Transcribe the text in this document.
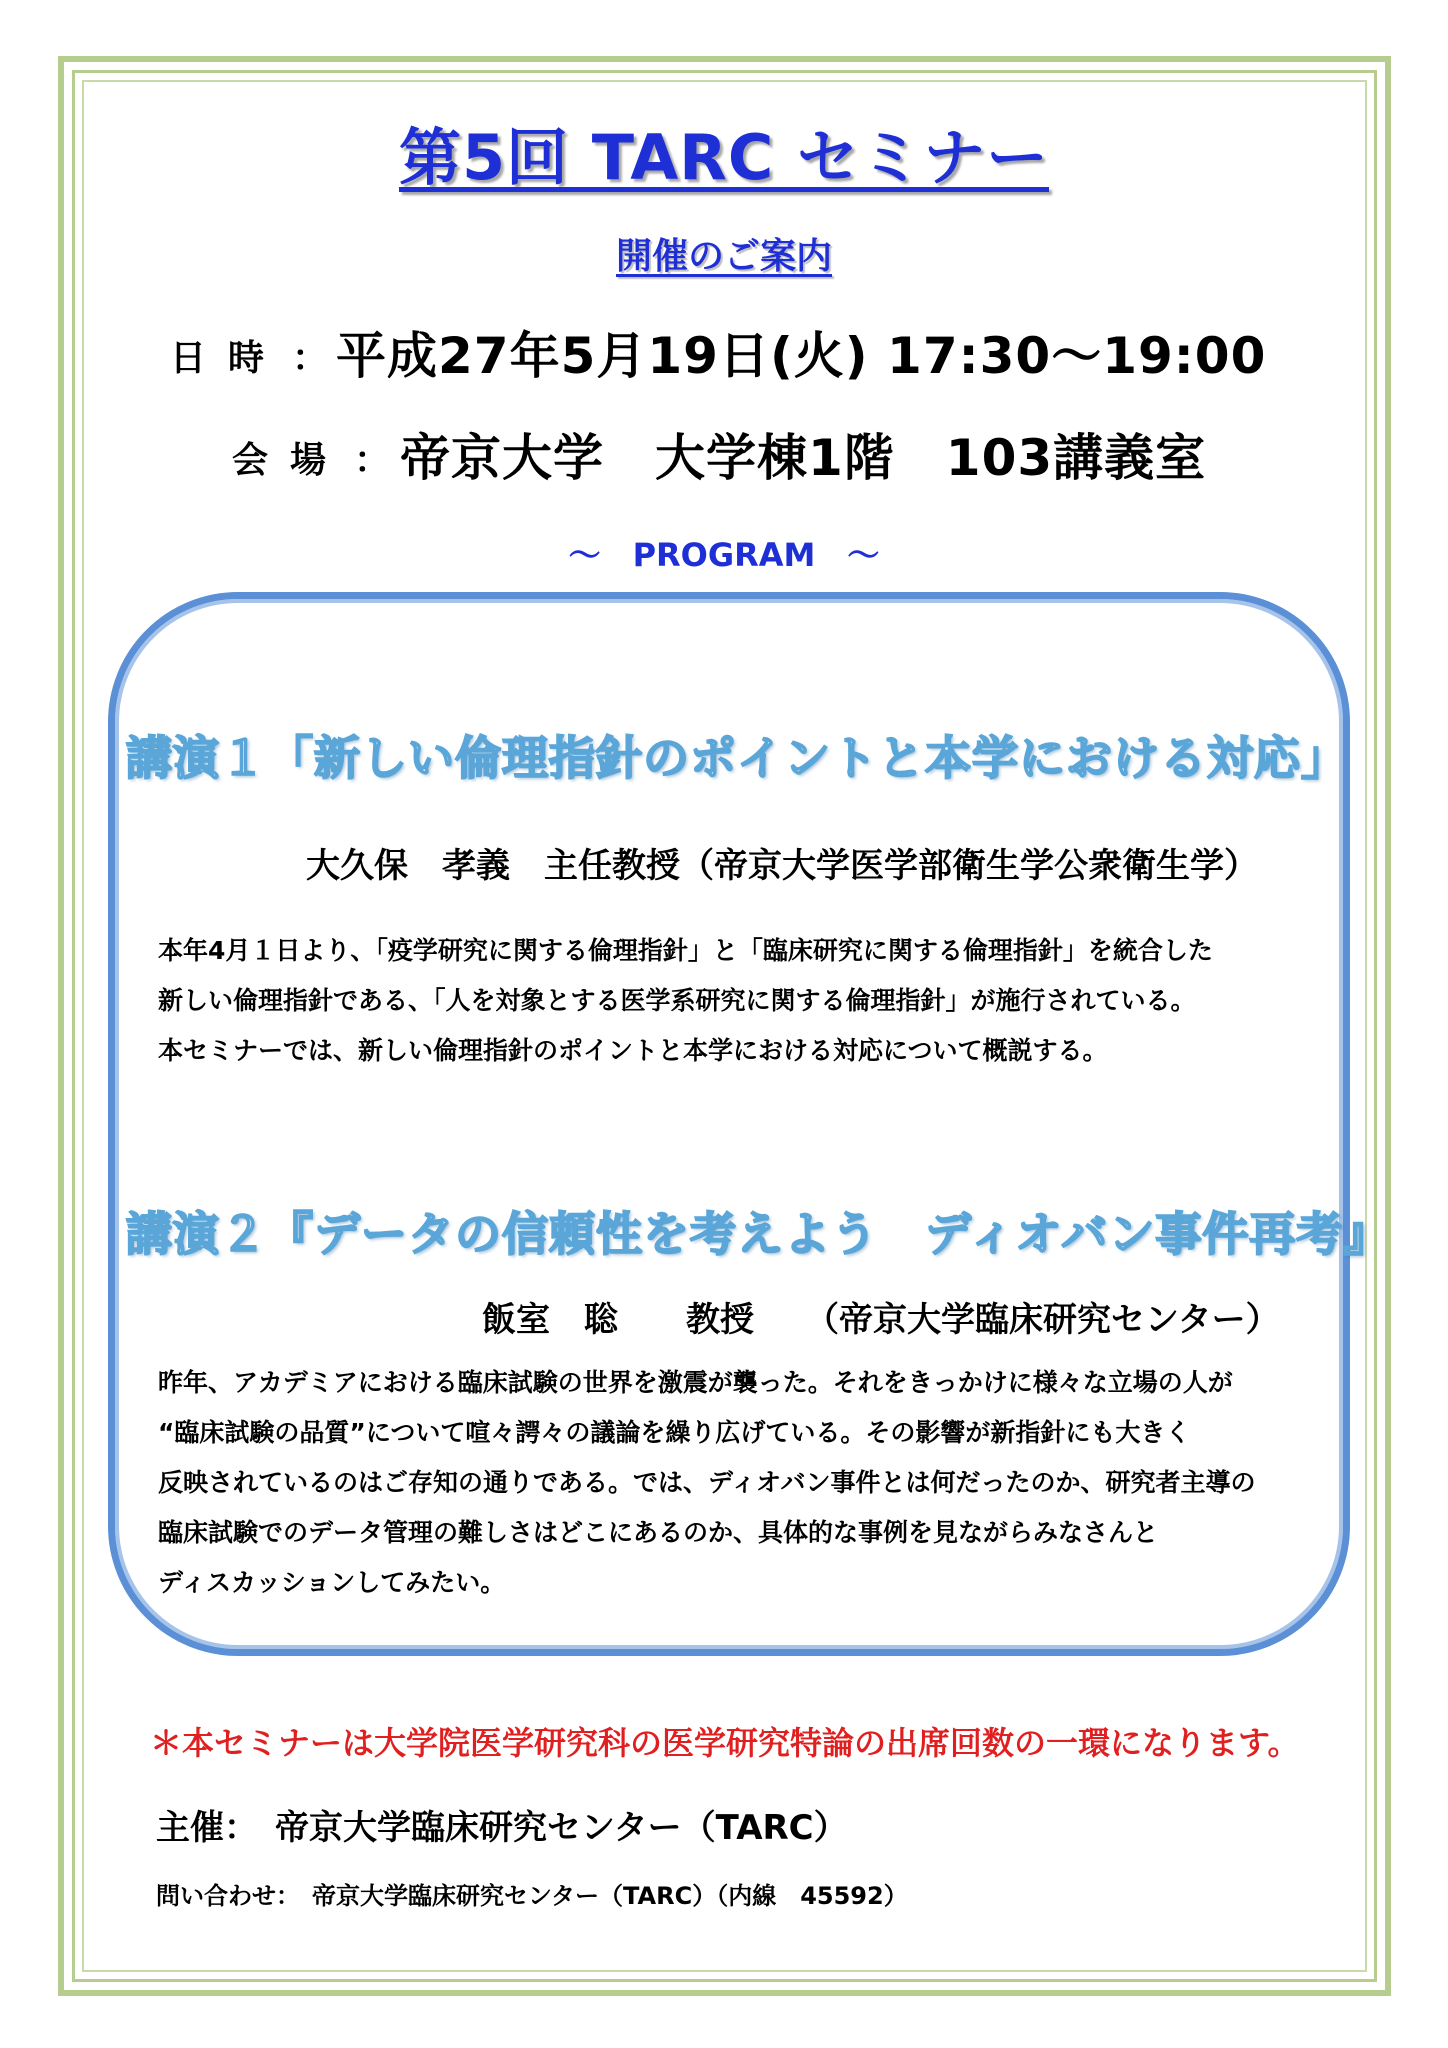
第5回 TARC セミナー
開催のご案内
日時 ： 平成27年5月19日(火) 17:30〜19:00
会場 ： 帝京大学　大学棟1階　103講義室
〜　PROGRAM　〜
講演１「新しい倫理指針のポイントと本学における対応」
大久保　孝義　主任教授（帝京大学医学部衛生学公衆衛生学）
本年4月１日より、「疫学研究に関する倫理指針」と「臨床研究に関する倫理指針」を統合した
新しい倫理指針である、「人を対象とする医学系研究に関する倫理指針」が施行されている。
本セミナーでは、新しい倫理指針のポイントと本学における対応について概説する。
講演２『データの信頼性を考えよう　ディオバン事件再考』
飯室　聡　　教授　　（帝京大学臨床研究センター）
昨年、アカデミアにおける臨床試験の世界を激震が襲った。それをきっかけに様々な立場の人が
“臨床試験の品質”について喧々諤々の議論を繰り広げている。その影響が新指針にも大きく
反映されているのはご存知の通りである。では、ディオバン事件とは何だったのか、研究者主導の
臨床試験でのデータ管理の難しさはどこにあるのか、具体的な事例を見ながらみなさんと
ディスカッションしてみたい。
＊本セミナーは大学院医学研究科の医学研究特論の出席回数の一環になります。
主催：　帝京大学臨床研究センター（TARC）
問い合わせ：　帝京大学臨床研究センター（TARC）（内線　45592）
